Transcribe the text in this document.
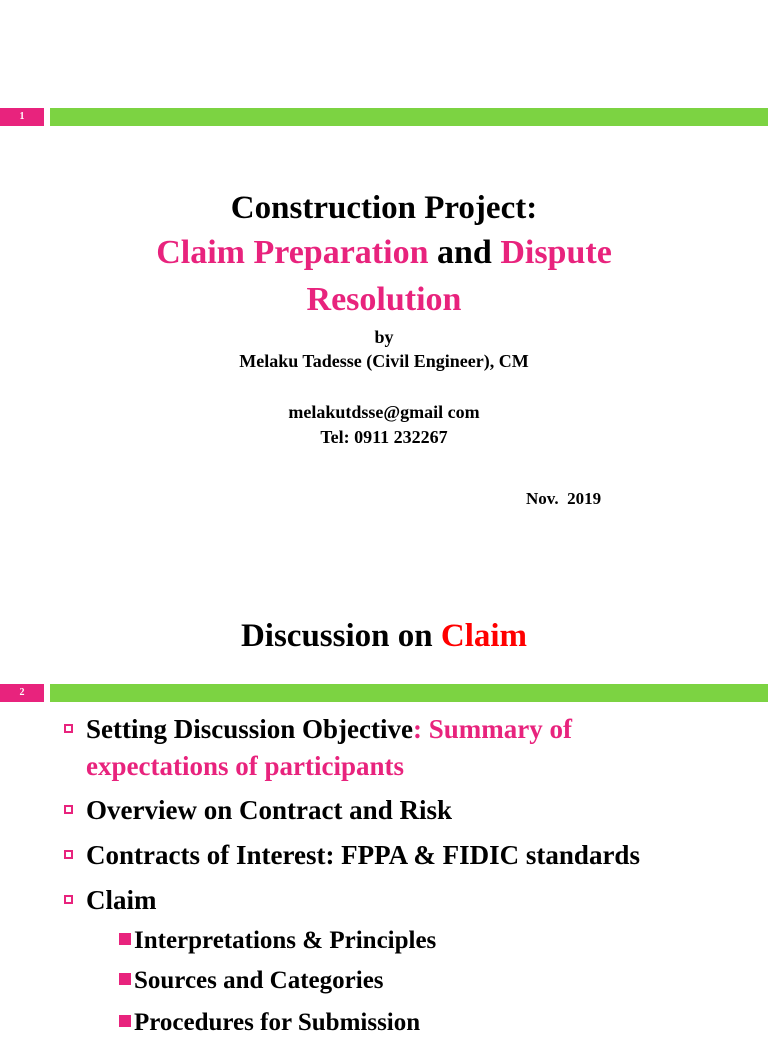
1
Construction Project:
Claim Preparation and Dispute
Resolution
by
Melaku Tadesse (Civil Engineer), CM
melakutdsse@gmail com
Tel: 0911 232267
Nov.  2019
Discussion on Claim
2
Setting Discussion Objective: Summary of
expectations of participants
Overview on Contract and Risk
Contracts of Interest: FPPA & FIDIC standards
Claim
Interpretations & Principles
Sources and Categories
Procedures for Submission
